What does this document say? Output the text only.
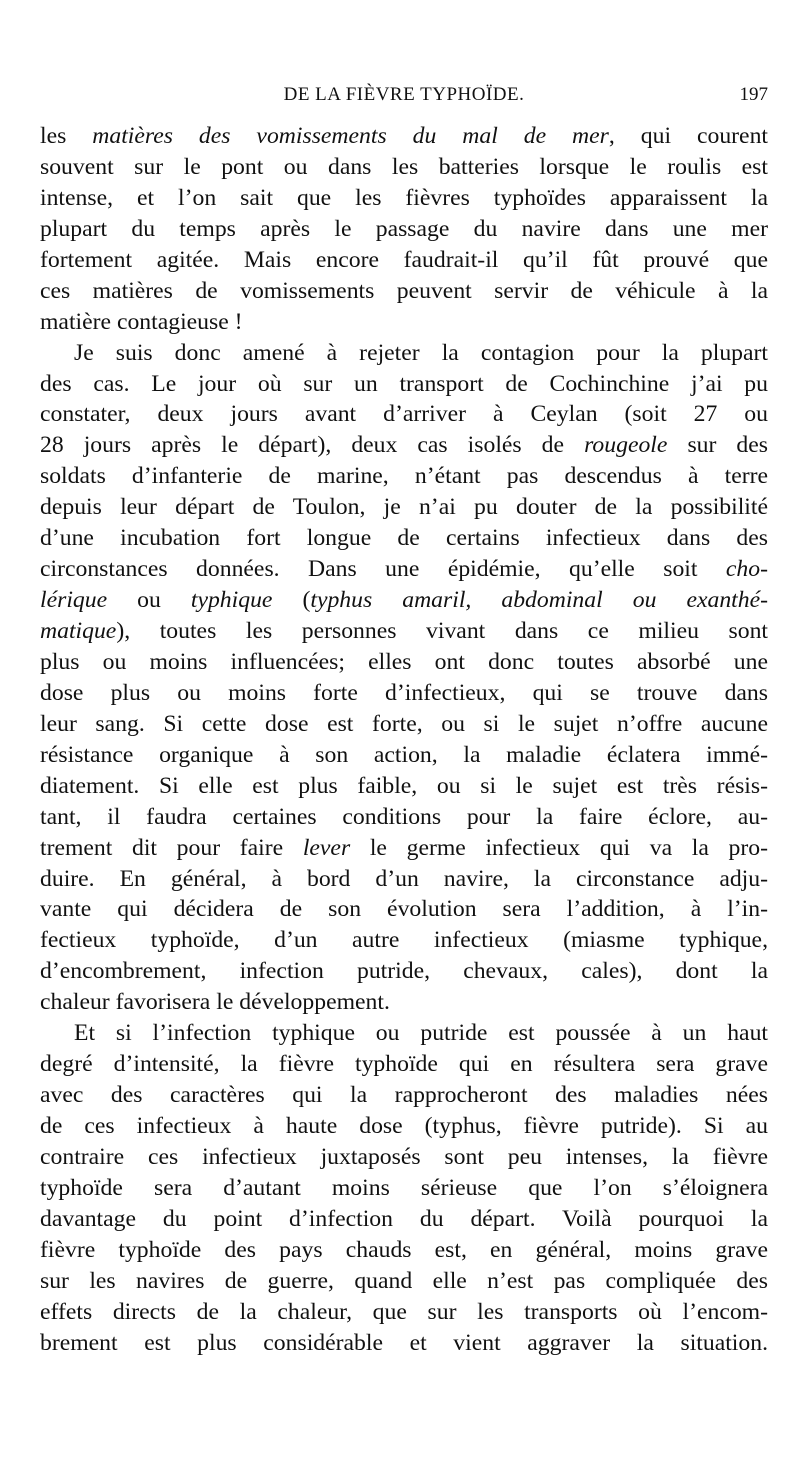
DE LA FIÈVRE TYPHOÏDE.	197
les matières des vomissements du mal de mer, qui courent
souvent sur le pont ou dans les batteries lorsque le roulis est
intense, et l’on sait que les fièvres typhoïdes apparaissent la
plupart du temps après le passage du navire dans une mer
fortement agitée. Mais encore faudrait-il qu’il fût prouvé que
ces matières de vomissements peuvent servir de véhicule à la
matière contagieuse !
Je suis donc amené à rejeter la contagion pour la plupart
des cas. Le jour où sur un transport de Cochinchine j’ai pu
constater, deux jours avant d’arriver à Ceylan (soit 27 ou
28 jours après le départ), deux cas isolés de rougeole sur des
soldats d’infanterie de marine, n’étant pas descendus à terre
depuis leur départ de Toulon, je n’ai pu douter de la possibilité
d’une incubation fort longue de certains infectieux dans des
circonstances données. Dans une épidémie, qu’elle soit cho-
lérique ou typhique (typhus amaril, abdominal ou exanthé-
matique), toutes les personnes vivant dans ce milieu sont
plus ou moins influencées; elles ont donc toutes absorbé une
dose plus ou moins forte d’infectieux, qui se trouve dans
leur sang. Si cette dose est forte, ou si le sujet n’offre aucune
résistance organique à son action, la maladie éclatera immé-
diatement. Si elle est plus faible, ou si le sujet est très résis-
tant, il faudra certaines conditions pour la faire éclore, au-
trement dit pour faire lever le germe infectieux qui va la pro-
duire. En général, à bord d’un navire, la circonstance adju-
vante qui décidera de son évolution sera l’addition, à l’in-
fectieux typhoïde, d’un autre infectieux (miasme typhique,
d’encombrement, infection putride, chevaux, cales), dont la
chaleur favorisera le développement.
Et si l’infection typhique ou putride est poussée à un haut
degré d’intensité, la fièvre typhoïde qui en résultera sera grave
avec des caractères qui la rapprocheront des maladies nées
de ces infectieux à haute dose (typhus, fièvre putride). Si au
contraire ces infectieux juxtaposés sont peu intenses, la fièvre
typhoïde sera d’autant moins sérieuse que l’on s’éloignera
davantage du point d’infection du départ. Voilà pourquoi la
fièvre typhoïde des pays chauds est, en général, moins grave
sur les navires de guerre, quand elle n’est pas compliquée des
effets directs de la chaleur, que sur les transports où l’encom-
brement est plus considérable et vient aggraver la situation.
